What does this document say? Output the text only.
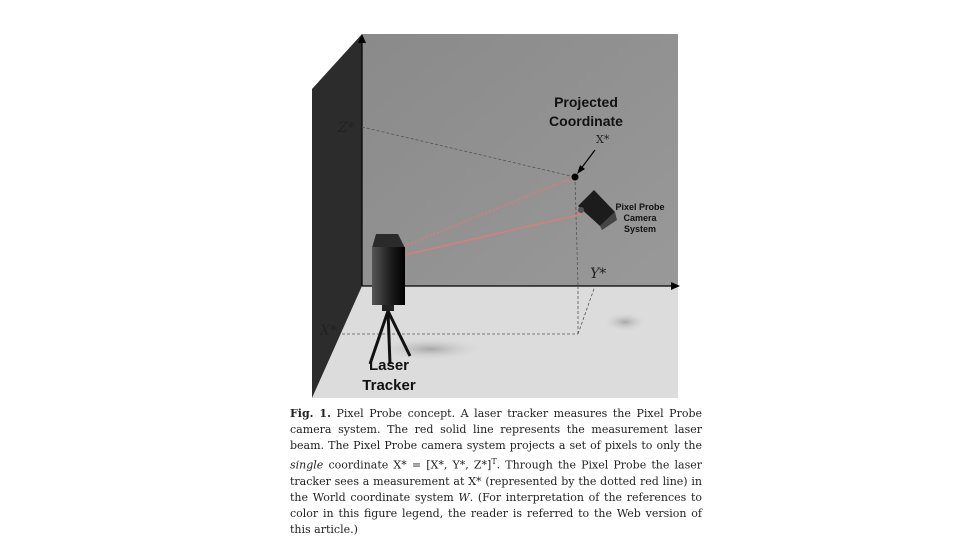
Projected
Coordinate
X*
Z*
Y*
X*
Pixel Probe
Camera
System
Laser
Tracker
Fig. 1. Pixel Probe concept. A laser tracker measures the Pixel Probe camera system. The red solid line represents the measurement laser beam. The Pixel Probe camera system projects a set of pixels to only the single coordinate X* = [X*, Y*, Z*]$^T$. Through the Pixel Probe the laser tracker sees a measurement at X* (represented by the dotted red line) in the World coordinate system W. (For interpretation of the references to color in this figure legend, the reader is referred to the Web version of this article.)
